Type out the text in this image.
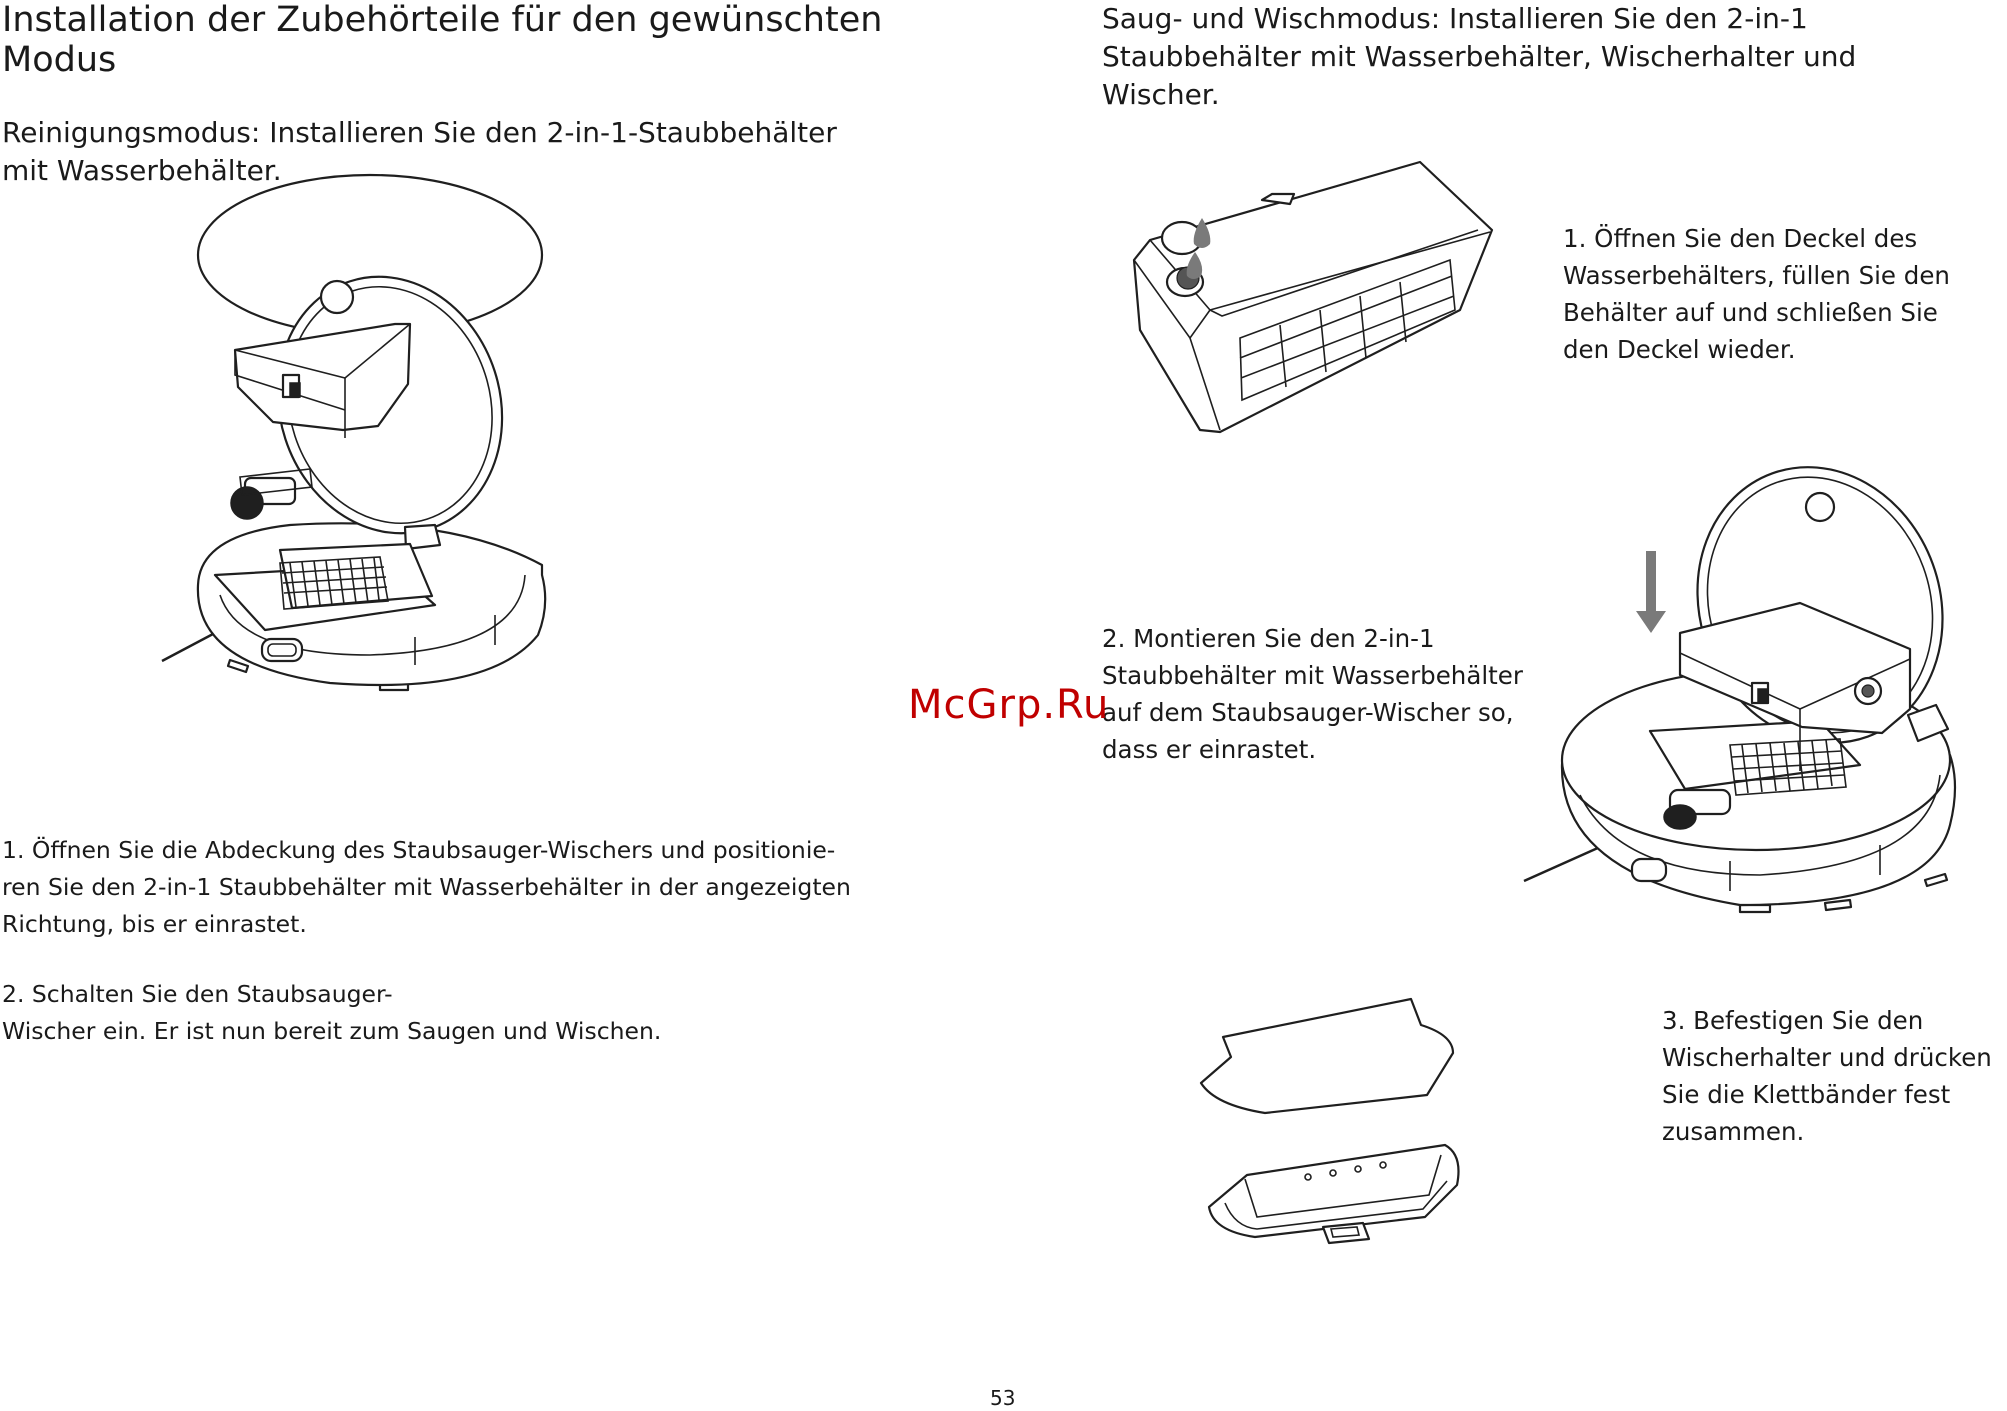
Installation der Zubehörteile für den gewünschten
Modus
Reinigungsmodus: Installieren Sie den 2-in-1-Staubbehälter
mit Wasserbehälter.
1. Öffnen Sie die Abdeckung des Staubsauger-Wischers und positionie-
ren Sie den 2-in-1 Staubbehälter mit Wasserbehälter in der angezeigten
Richtung, bis er einrastet.
2. Schalten Sie den Staubsauger-
Wischer ein. Er ist nun bereit zum Saugen und Wischen.
Saug- und Wischmodus: Installieren Sie den 2-in-1
Staubbehälter mit Wasserbehälter, Wischerhalter und
Wischer.
1. Öffnen Sie den Deckel des
Wasserbehälters, füllen Sie den
Behälter auf und schließen Sie
den Deckel wieder.
2. Montieren Sie den 2-in-1
Staubbehälter mit Wasserbehälter
auf dem Staubsauger-Wischer so,
dass er einrastet.
3. Befestigen Sie den
Wischerhalter und drücken
Sie die Klettbänder fest
zusammen.
McGrp.Ru
53
